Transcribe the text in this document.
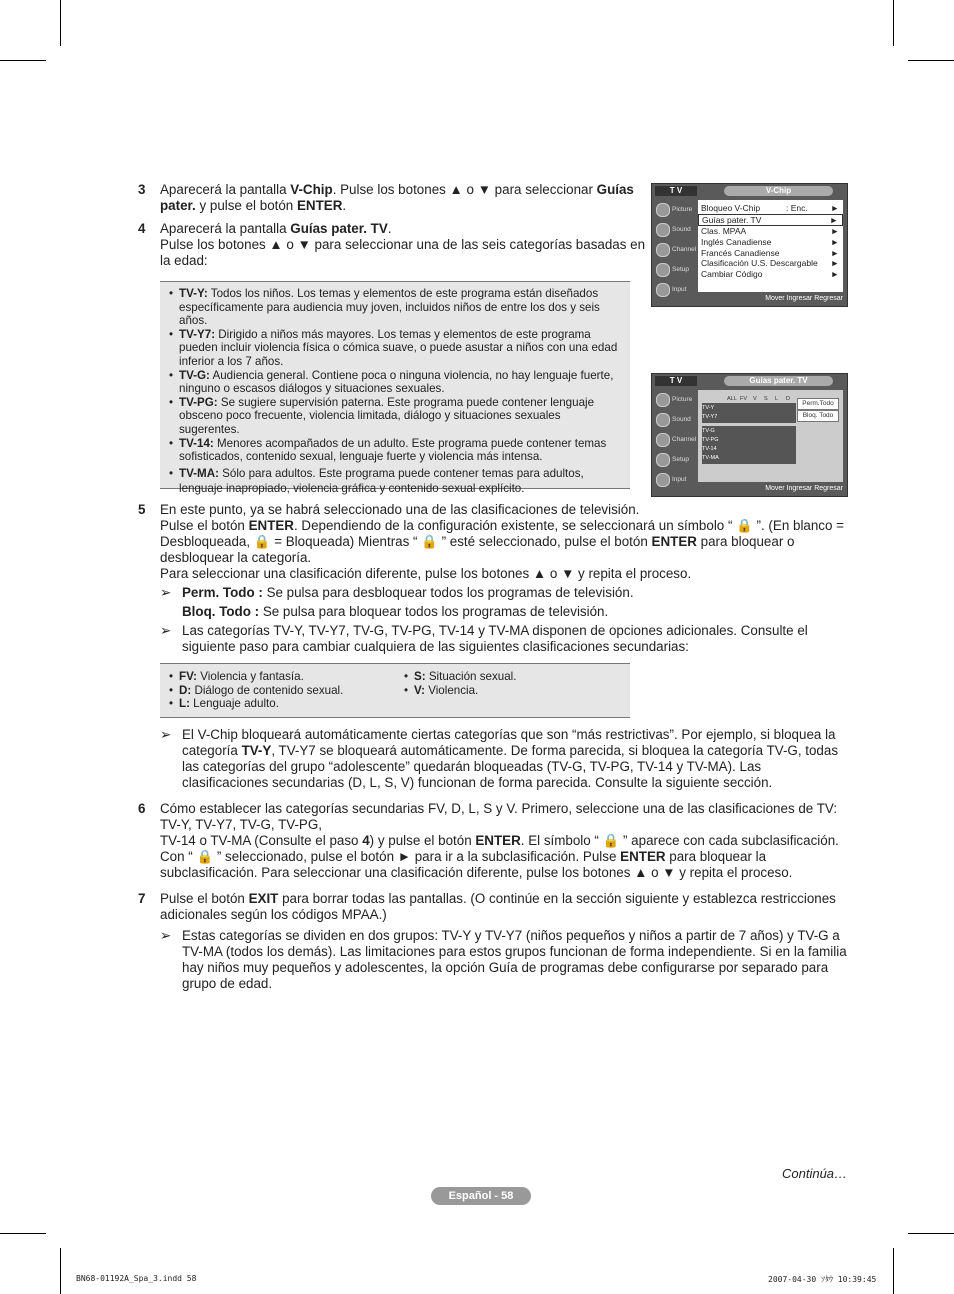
3 Aparecerá la pantalla V-Chip. Pulse los botones ▲ o ▼ para seleccionar Guías pater. y pulse el botón ENTER.

4 Aparecerá la pantalla Guías pater. TV.

Pulse los botones ▲ o ▼ para seleccionar una de las seis categorías basadas en la edad:

• TV-Y: Todos los niños. Los temas y elementos de este programa están diseñados específicamente para audiencia muy joven, incluidos niños de entre los dos y seis años.
• TV-Y7: Dirigido a niños más mayores. Los temas y elementos de este programa pueden incluir violencia física o cómica suave, o puede asustar a niños con una edad inferior a los 7 años.
• TV-G: Audiencia general. Contiene poca o ninguna violencia, no hay lenguaje fuerte, ninguno o escasos diálogos y situaciones sexuales.
• TV-PG: Se sugiere supervisión paterna. Este programa puede contener lenguaje obsceno poco frecuente, violencia limitada, diálogo y situaciones sexuales sugerentes.
• TV-14: Menores acompañados de un adulto. Este programa puede contener temas sofisticados, contenido sexual, lenguaje fuerte y violencia más intensa.
• TV-MA: Sólo para adultos. Este programa puede contener temas para adultos, lenguaje inapropiado, violencia gráfica y contenido sexual explícito.
T V	V-Chip
Picture
Sound
Channel
Setup
Input
Bloqueo V-Chip	: Enc.	►
Guías pater. TV	►
Clas. MPAA	►
Inglés Canadiense	►
Francés Canadiense	►
Clasificación U.S. Descargable ►
Cambiar Código	►
Mover Ingresar Regresar
T V	Guías pater. TV
Picture
Sound
Channel
Setup
Input
ALL FV V S L D
TV-Y
TV-Y7
TV-G
TV-PG
TV-14
TV-MA
Perm.Todo
Bloq. Todo
Mover Ingresar Regresar
5 En este punto, ya se habrá seleccionado una de las clasificaciones de televisión.

Pulse el botón ENTER. Dependiendo de la configuración existente, se seleccionará un símbolo “ 🔒 ”. (En blanco = Desbloqueada, 🔒 = Bloqueada) Mientras “ 🔒 ” esté seleccionado, pulse el botón ENTER para bloquear o desbloquear la categoría.

Para seleccionar una clasificación diferente, pulse los botones ▲ o ▼ y repita el proceso.

➢ Perm. Todo : Se pulsa para desbloquear todos los programas de televisión.

Bloq. Todo : Se pulsa para bloquear todos los programas de televisión.

➢ Las categorías TV-Y, TV-Y7, TV-G, TV-PG, TV-14 y TV-MA disponen de opciones adicionales. Consulte el siguiente paso para cambiar cualquiera de las siguientes clasificaciones secundarias:

• FV: Violencia y fantasía.
• D: Diálogo de contenido sexual.
• L: Lenguaje adulto.
• S: Situación sexual.
• V: Violencia.

➢ El V-Chip bloqueará automáticamente ciertas categorías que son “más restrictivas”. Por ejemplo, si bloquea la categoría TV-Y, TV-Y7 se bloqueará automáticamente. De forma parecida, si bloquea la categoría TV-G, todas las categorías del grupo “adolescente” quedarán bloqueadas (TV-G, TV-PG, TV-14 y TV-MA). Las clasificaciones secundarias (D, L, S, V) funcionan de forma parecida. Consulte la siguiente sección.

6 Cómo establecer las categorías secundarias FV, D, L, S y V. Primero, seleccione una de las clasificaciones de TV: TV-Y, TV-Y7, TV-G, TV-PG,

TV-14 o TV-MA (Consulte el paso 4) y pulse el botón ENTER. El símbolo “ 🔒 ” aparece con cada subclasificación. Con “ 🔒 ” seleccionado, pulse el botón ► para ir a la subclasificación. Pulse ENTER para bloquear la subclasificación. Para seleccionar una clasificación diferente, pulse los botones ▲ o ▼ y repita el proceso.

7 Pulse el botón EXIT para borrar todas las pantallas. (O continúe en la sección siguiente y establezca restricciones adicionales según los códigos MPAA.)

➢ Estas categorías se dividen en dos grupos: TV-Y y TV-Y7 (niños pequeños y niños a partir de 7 años) y TV-G a TV-MA (todos los demás). Las limitaciones para estos grupos funcionan de forma independiente. Si en la familia hay niños muy pequeños y adolescentes, la opción Guía de programas debe configurarse por separado para grupo de edad.

Continúa…
Español - 58
BN68-01192A_Spa_3.indd 58	2007-04-30 ｿﾀｳ 10:39:45
